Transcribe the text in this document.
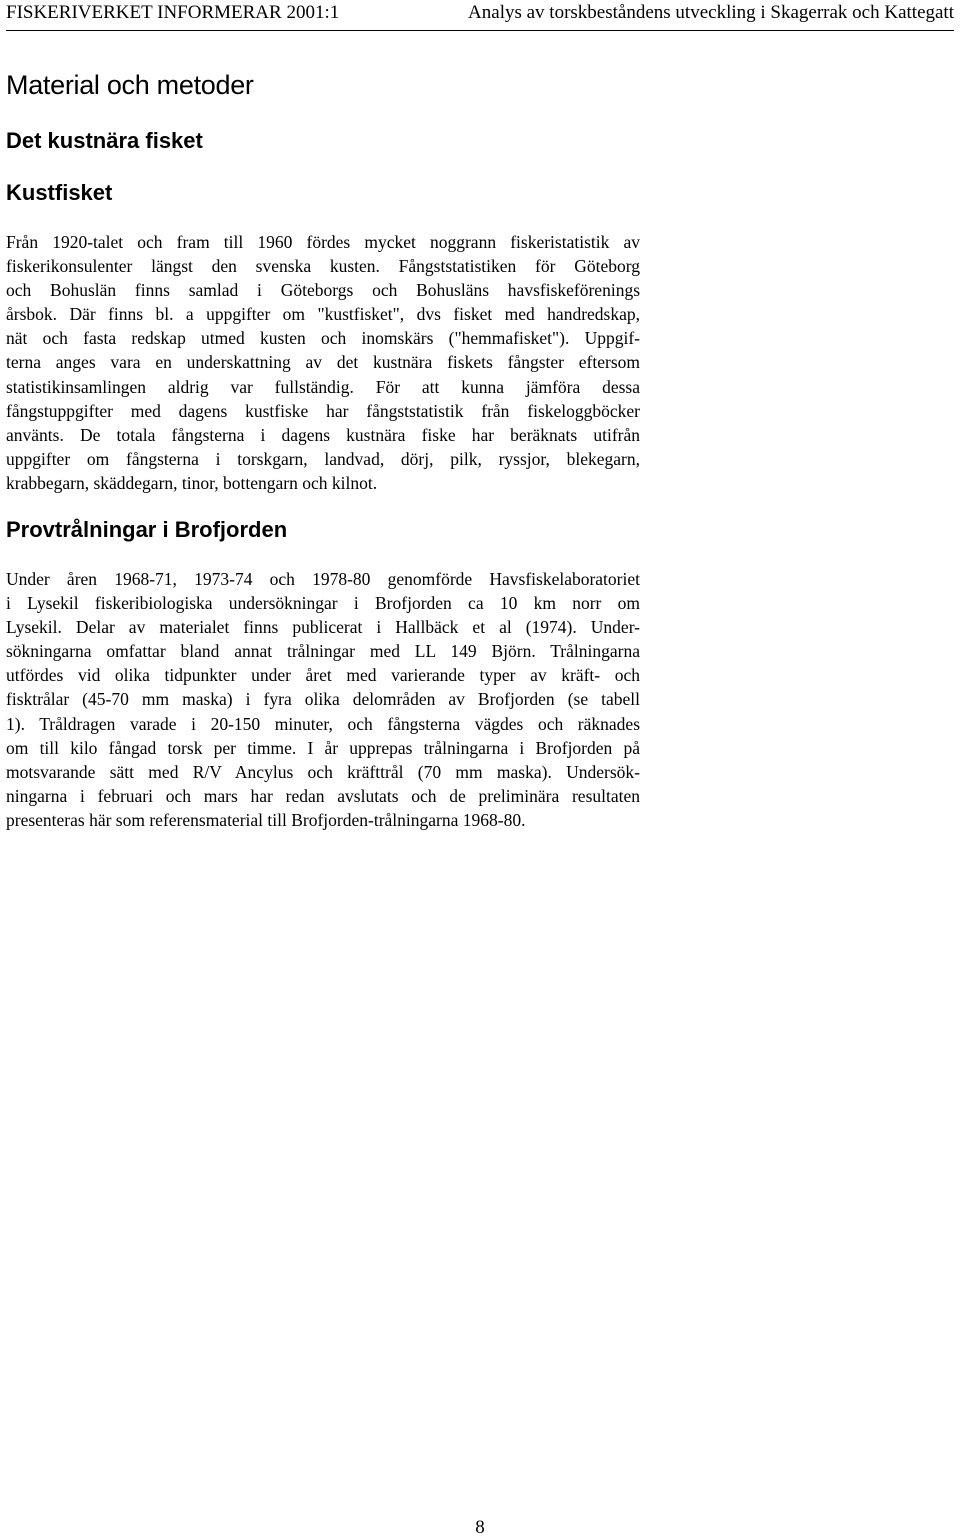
FISKERIVERKET INFORMERAR 2001:1	Analys av torskbeståndens utveckling i Skagerrak och Kattegatt
Material och metoder
Det kustnära fisket
Kustfisket
Från 1920-talet och fram till 1960 fördes mycket noggrann fiskeristatistik av
fiskerikonsulenter längst den svenska kusten. Fångststatistiken för Göteborg
och Bohuslän finns samlad i Göteborgs och Bohusläns havsfiskeförenings
årsbok. Där finns bl. a uppgifter om "kustfisket", dvs fisket med handredskap,
nät och fasta redskap utmed kusten och inomskärs ("hemmafisket"). Uppgif-
terna anges vara en underskattning av det kustnära fiskets fångster eftersom
statistikinsamlingen aldrig var fullständig. För att kunna jämföra dessa
fångstuppgifter med dagens kustfiske har fångststatistik från fiskeloggböcker
använts. De totala fångsterna i dagens kustnära fiske har beräknats utifrån
uppgifter om fångsterna i torskgarn, landvad, dörj, pilk, ryssjor, blekegarn,
krabbegarn, skäddegarn, tinor, bottengarn och kilnot.
Provtrålningar i Brofjorden
Under åren 1968-71, 1973-74 och 1978-80 genomförde Havsfiskelaboratoriet
i Lysekil fiskeribiologiska undersökningar i Brofjorden ca 10 km norr om
Lysekil. Delar av materialet finns publicerat i Hallbäck et al (1974). Under-
sökningarna omfattar bland annat trålningar med LL 149 Björn. Trålningarna
utfördes vid olika tidpunkter under året med varierande typer av kräft- och
fisktrålar (45-70 mm maska) i fyra olika delområden av Brofjorden (se tabell
1). Tråldragen varade i 20-150 minuter, och fångsterna vägdes och räknades
om till kilo fångad torsk per timme. I år upprepas trålningarna i Brofjorden på
motsvarande sätt med R/V Ancylus och kräfttrål (70 mm maska). Undersök-
ningarna i februari och mars har redan avslutats och de preliminära resultaten
presenteras här som referensmaterial till Brofjorden-trålningarna 1968-80.
8
